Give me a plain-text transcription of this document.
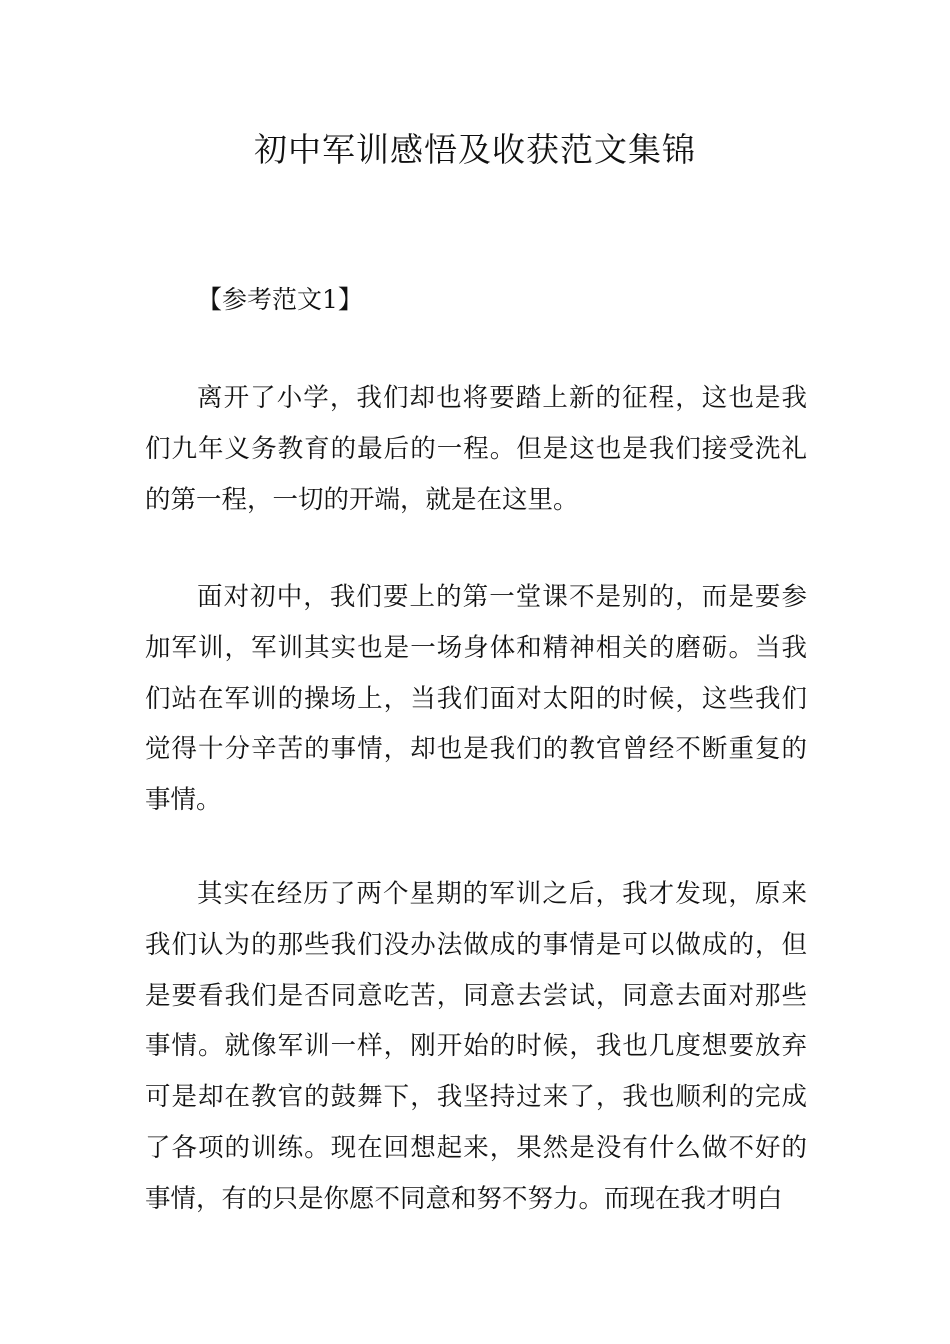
初中军训感悟及收获范文集锦

【参考范文1】

离开了小学，我们却也将要踏上新的征程，这也是我们九年义务教育的最后的一程。但是这也是我们接受洗礼的第一程，一切的开端，就是在这里。

面对初中，我们要上的第一堂课不是别的，而是要参加军训，军训其实也是一场身体和精神相关的磨砺。当我们站在军训的操场上，当我们面对太阳的时候，这些我们觉得十分辛苦的事情，却也是我们的教官曾经不断重复的事情。

其实在经历了两个星期的军训之后，我才发现，原来我们认为的那些我们没办法做成的事情是可以做成的，但是要看我们是否同意吃苦，同意去尝试，同意去面对那些事情。就像军训一样，刚开始的时候，我也几度想要放弃可是却在教官的鼓舞下，我坚持过来了，我也顺利的完成了各项的训练。现在回想起来，果然是没有什么做不好的事情，有的只是你愿不同意和努不努力。而现在我才明白
